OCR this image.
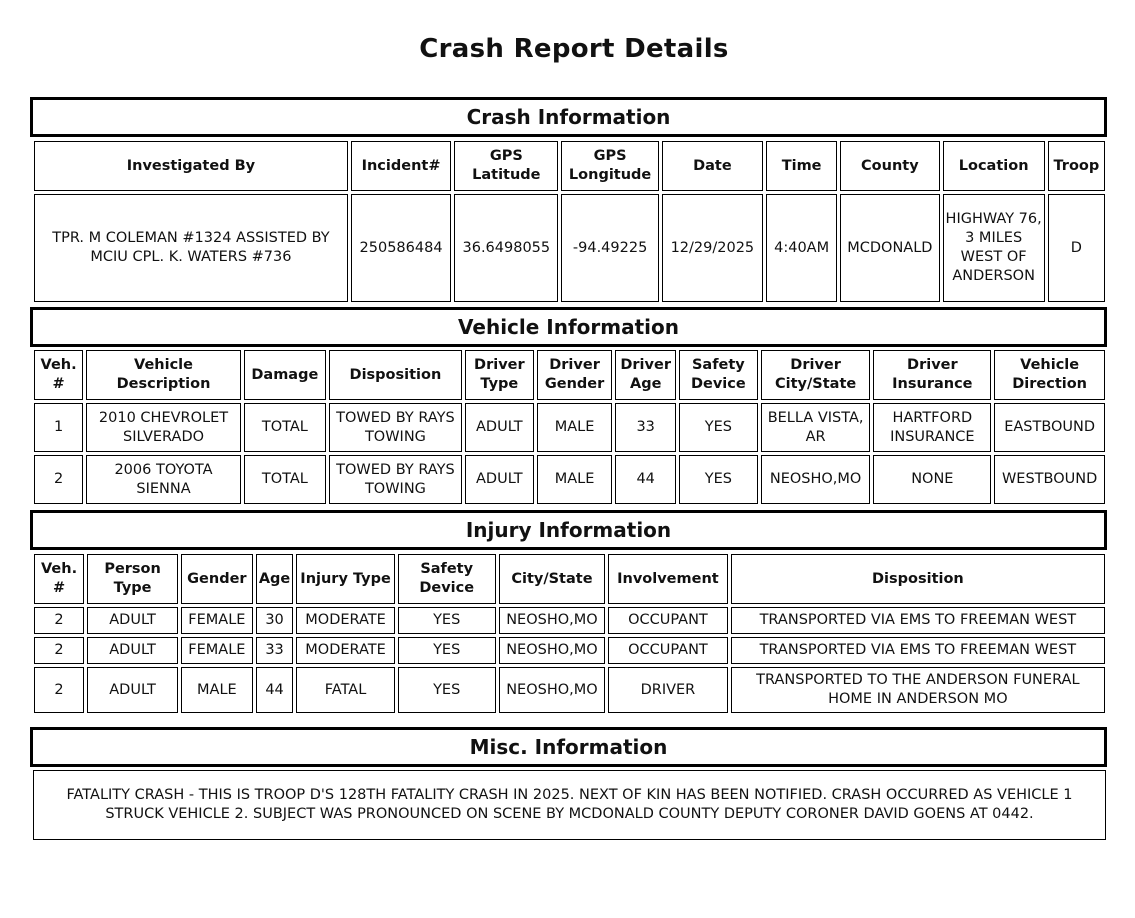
Crash Report Details
Crash Information
Investigated By	Incident#	GPS Latitude	GPS Longitude	Date	Time	County	Location	Troop
TPR. M COLEMAN #1324 ASSISTED BY MCIU CPL. K. WATERS #736	250586484	36.6498055	-94.49225	12/29/2025	4:40AM	MCDONALD	HIGHWAY 76, 3 MILES WEST OF ANDERSON	D
Vehicle Information
Veh. #	Vehicle Description	Damage	Disposition	Driver Type	Driver Gender	Driver Age	Safety Device	Driver City/State	Driver Insurance	Vehicle Direction
1	2010 CHEVROLET SILVERADO	TOTAL	TOWED BY RAYS TOWING	ADULT	MALE	33	YES	BELLA VISTA, AR	HARTFORD INSURANCE	EASTBOUND
2	2006 TOYOTA SIENNA	TOTAL	TOWED BY RAYS TOWING	ADULT	MALE	44	YES	NEOSHO,MO	NONE	WESTBOUND
Injury Information
Veh. #	Person Type	Gender	Age	Injury Type	Safety Device	City/State	Involvement	Disposition
2	ADULT	FEMALE	30	MODERATE	YES	NEOSHO,MO	OCCUPANT	TRANSPORTED VIA EMS TO FREEMAN WEST
2	ADULT	FEMALE	33	MODERATE	YES	NEOSHO,MO	OCCUPANT	TRANSPORTED VIA EMS TO FREEMAN WEST
2	ADULT	MALE	44	FATAL	YES	NEOSHO,MO	DRIVER	TRANSPORTED TO THE ANDERSON FUNERAL HOME IN ANDERSON MO
Misc. Information
FATALITY CRASH - THIS IS TROOP D'S 128TH FATALITY CRASH IN 2025. NEXT OF KIN HAS BEEN NOTIFIED. CRASH OCCURRED AS VEHICLE 1 STRUCK VEHICLE 2. SUBJECT WAS PRONOUNCED ON SCENE BY MCDONALD COUNTY DEPUTY CORONER DAVID GOENS AT 0442.
